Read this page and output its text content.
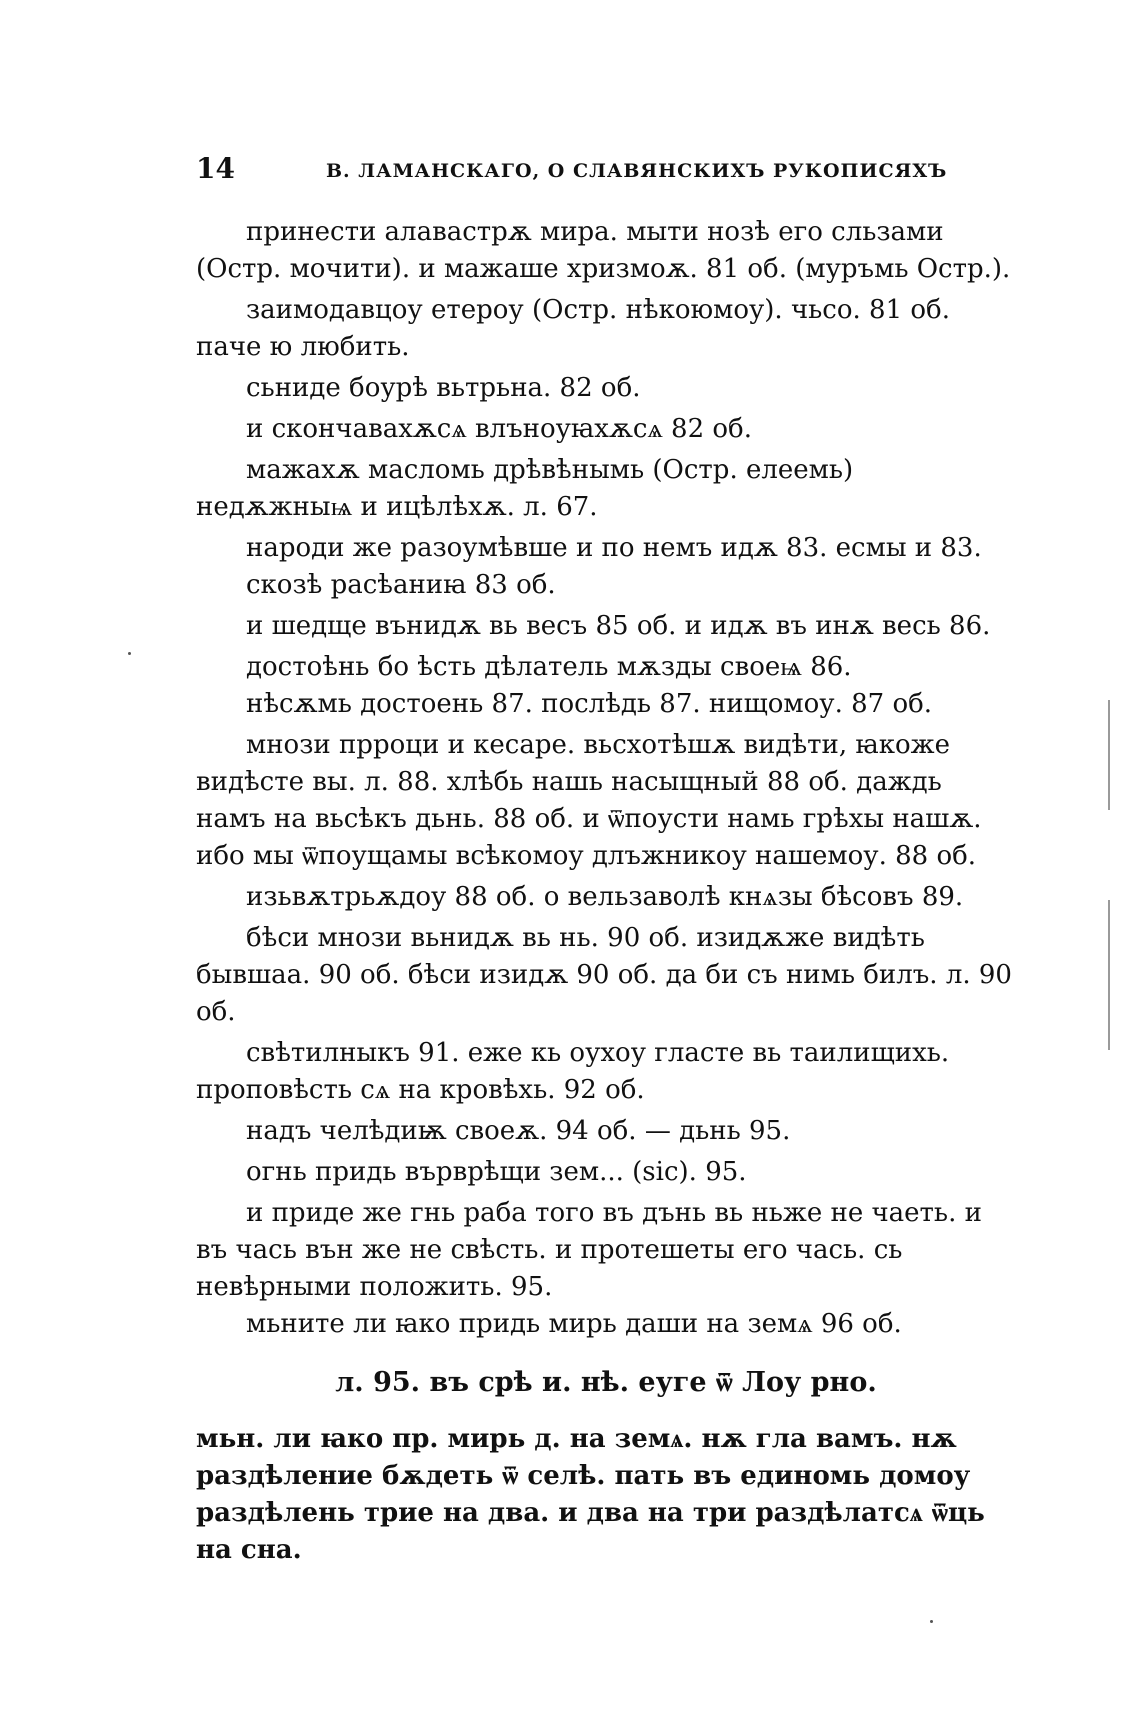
14	В. ЛАМАНСКАГО, О СЛАВЯНСКИХЪ РУКОПИСЯХЪ

принести алавастрѫ мира. мыти нозѣ его сльзами (Остр. мочити). и мажаше хризмоѫ. 81 об. (муръмь Остр.).

заимодавцоу етероу (Остр. нѣкоюмоу). чьсо. 81 об. паче ю любить.

сьниде боурѣ вьтрьна. 82 об.

и скончавахѫсѧ влъноуꙗхѫсѧ 82 об.

мажахѫ масломь дрѣвѣнымь (Остр. елеемь) недѫжныѩ и ицѣлѣхѫ. л. 67.

народи же разоумѣвше и по немъ идѫ 83. есмы и 83.

скозѣ расѣаниꙗ 83 об.

и шедще вънидѫ вь весъ 85 об. и идѫ въ инѫ весь 86.

достоѣнь бо ѣсть дѣлатель мѫзды своеѩ 86.

нѣсѫмь достоень 87. послѣдь 87. нищомоу. 87 об.

мнози прроци и кесаре. вьсхотѣшѫ видѣти, ꙗкоже видѣсте вы. л. 88. хлѣбь нашь насыщный 88 об. даждь намъ на вьсѣкъ дьнь. 88 об. и ѿпоусти намь грѣхы нашѫ. ибо мы ѿпоущамы всѣкомоу длъжникоу нашемоу. 88 об.

изьвѫтрьѫдоу 88 об. о вельзаволѣ кнѧзы бѣсовъ 89.

бѣси мнози вьнидѫ вь нь. 90 об. изидѫже видѣть бывшаа. 90 об. бѣси изидѫ 90 об. да би съ нимь билъ. л. 90 об.

свѣтилныкъ 91. еже кь оухоу гласте вь таилищихь. проповѣсть сѧ на кровѣхь. 92 об.

надъ челѣдиѭ своеѫ. 94 об. — дьнь 95.

огнь придь върврѣщи зем... (sic). 95.

и приде же гнь раба того въ дънь вь ньже не чаеть. и въ чась вън же не свѣсть. и протешеты его чась. сь невѣрными положить. 95.

мьните ли ꙗко придь мирь даши на земѧ 96 об.

л. 95. въ срѣ и. нѣ. еуге ѿ Лоу рно.

мьн. ли ꙗко пр. мирь д. на земѧ. нѫ гла вамъ. нѫ раздѣление бѫдеть ѿ селѣ. пать въ единомь домоу раздѣлень трие на два. и два на три раздѣлатсѧ ѿць на сна.
